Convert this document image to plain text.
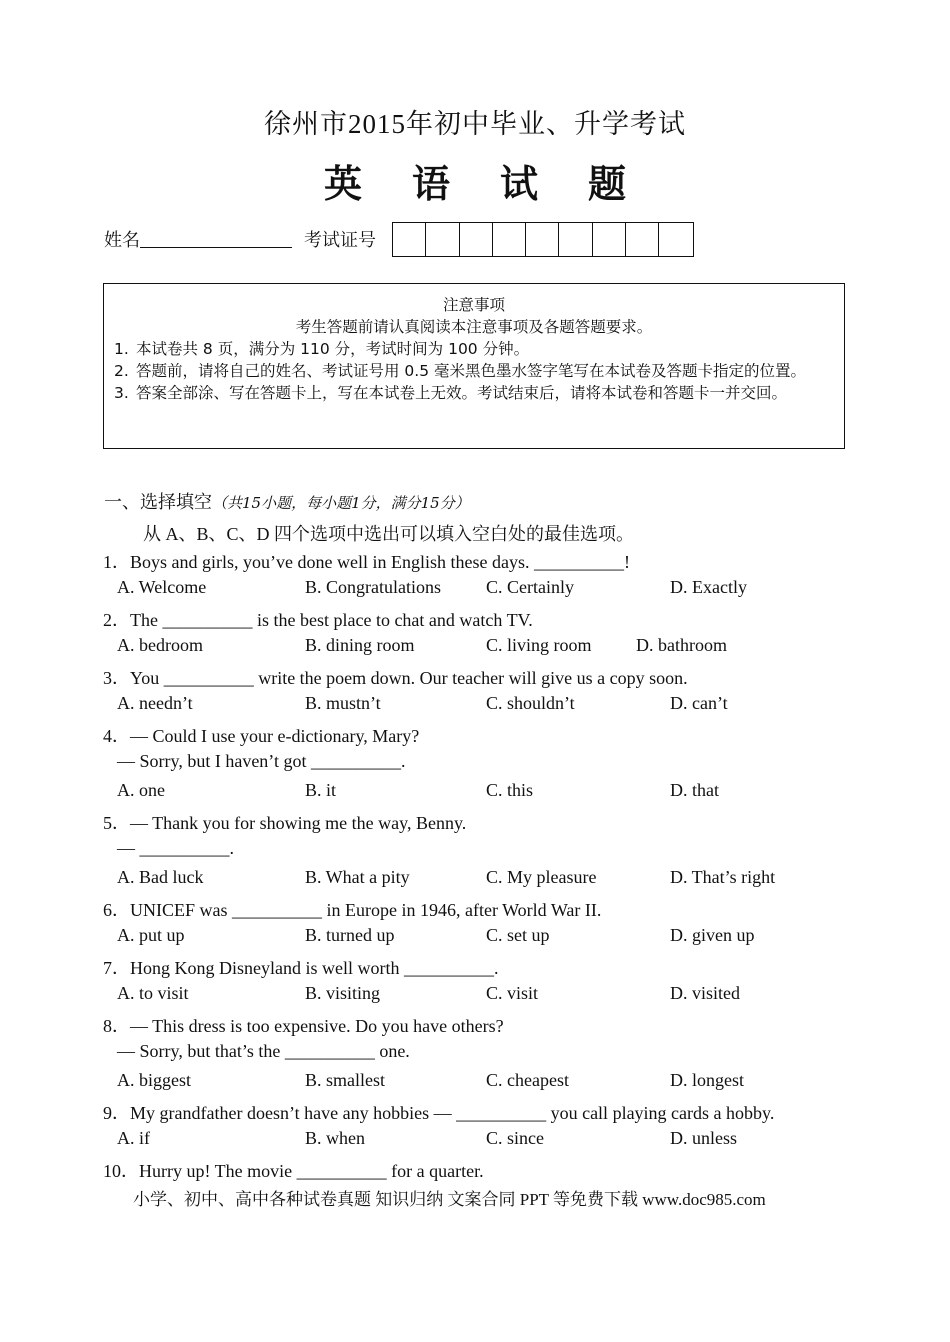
徐州市2015年初中毕业、升学考试
英 语 试 题
姓名	考试证号
注意事项
考生答题前请认真阅读本注意事项及各题答题要求。
1. 本试卷共 8 页，满分为 110 分，考试时间为 100 分钟。
2. 答题前，请将自己的姓名、考试证号用 0.5 毫米黑色墨水签字笔写在本试卷及答题卡指定的位置。
3. 答案全部涂、写在答题卡上，写在本试卷上无效。考试结束后，请将本试卷和答题卡一并交回。
一、选择填空（共15小题，每小题1分，满分15分）
从 A、B、C、D 四个选项中选出可以填入空白处的最佳选项。
1．Boys and girls, you’ve done well in English these days. __________!
A. Welcome	B. Congratulations	C. Certainly	D. Exactly
2．The __________ is the best place to chat and watch TV.
A. bedroom	B. dining room	C. living room D. bathroom
3．You __________ write the poem down. Our teacher will give us a copy soon.
A. needn’t	B. mustn’t	C. shouldn’t	D. can’t
4．— Could I use your e-dictionary, Mary?
— Sorry, but I haven’t got __________.
A. one	B. it	C. this	D. that
5．— Thank you for showing me the way, Benny.
— __________.
A. Bad luck	B. What a pity	C. My pleasure	D. That’s right
6．UNICEF was __________ in Europe in 1946, after World War II.
A. put up	B. turned up	C. set up	D. given up
7．Hong Kong Disneyland is well worth __________.
A. to visit	B. visiting	C. visit	D. visited
8．— This dress is too expensive. Do you have others?
— Sorry, but that’s the __________ one.
A. biggest	B. smallest	C. cheapest	D. longest
9．My grandfather doesn’t have any hobbies — __________ you call playing cards a hobby.
A. if	B. when	C. since	D. unless
10．Hurry up! The movie __________ for a quarter.
小学、初中、高中各种试卷真题 知识归纳 文案合同 PPT 等免费下载 www.doc985.com
